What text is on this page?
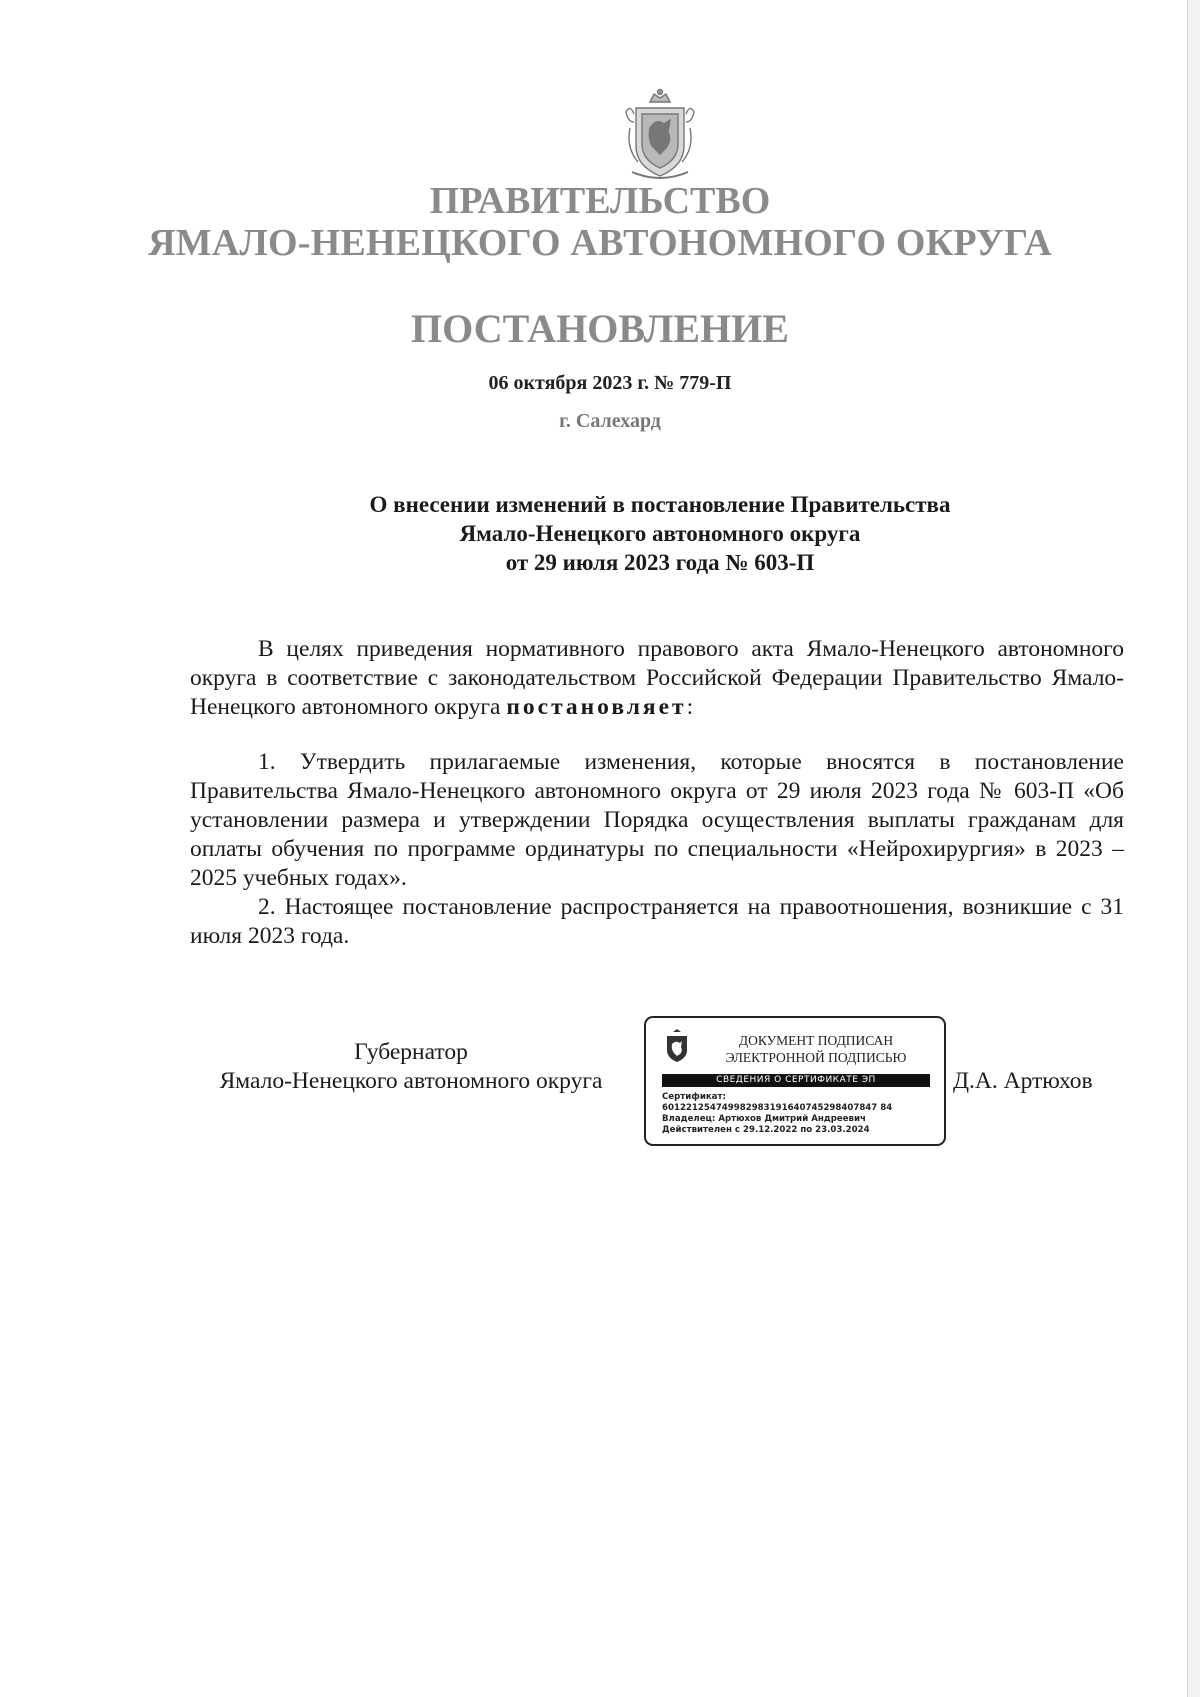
ПРАВИТЕЛЬСТВО
ЯМАЛО-НЕНЕЦКОГО АВТОНОМНОГО ОКРУГА
ПОСТАНОВЛЕНИЕ
06 октября 2023 г. № 779-П
г. Салехард
О внесении изменений в постановление Правительства
Ямало-Ненецкого автономного округа
от 29 июля 2023 года № 603-П

В целях приведения нормативного правового акта Ямало-Ненецкого автономного округа в соответствие с законодательством Российской Федерации Правительство Ямало-Ненецкого автономного округа постановляет:

1. Утвердить прилагаемые изменения, которые вносятся в постановление Правительства Ямало-Ненецкого автономного округа от 29 июля 2023 года № 603-П «Об установлении размера и утверждении Порядка осуществления выплаты гражданам для оплаты обучения по программе ординатуры по специальности «Нейрохирургия» в 2023 – 2025 учебных годах».

2. Настоящее постановление распространяется на правоотношения, возникшие с 31 июля 2023 года.

Губернатор
Ямало-Ненецкого автономного округа
ДОКУМЕНТ ПОДПИСАН
ЭЛЕКТРОННОЙ ПОДПИСЬЮ
СВЕДЕНИЯ О СЕРТИФИКАТЕ ЭП
Сертификат:
601221254749982983191640745298407847 84
Владелец: Артюхов Дмитрий Андреевич
Действителен с 29.12.2022 по 23.03.2024
Д.А. Артюхов
